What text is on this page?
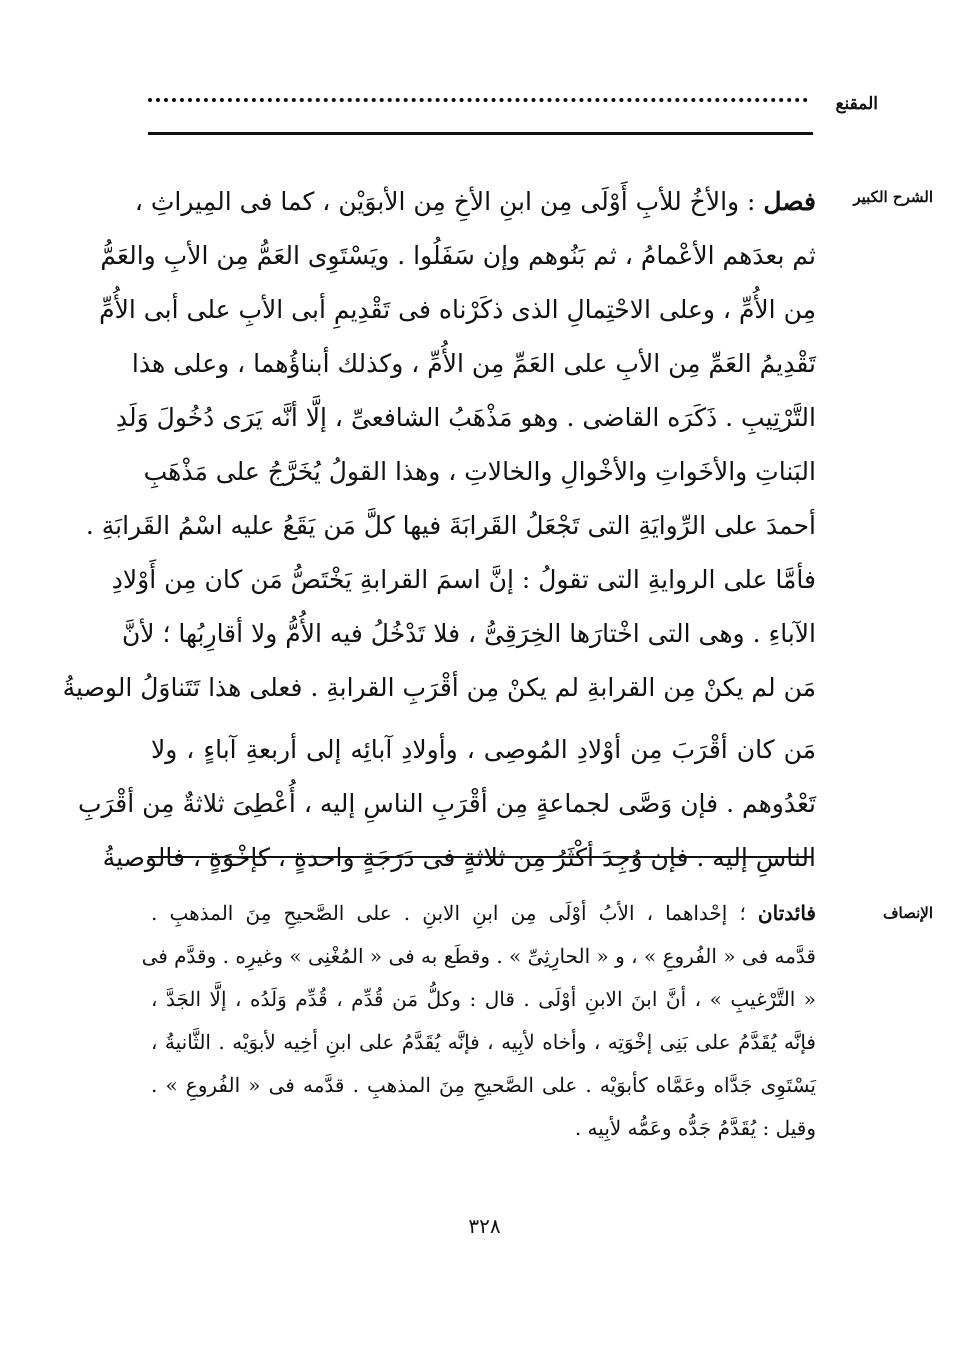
المقنع
الشرح الكبير
فصل : والأخُ للأبِ أَوْلَى مِن ابنِ الأخِ مِن الأبوَيْن ، كما فى المِيراثِ ،
ثم بعدَهم الأعْمامُ ، ثم بَنُوهم وإن سَفَلُوا . ويَسْتَوِى العَمُّ مِن الأبِ والعَمُّ
مِن الأُمِّ ، وعلى الاحْتِمالِ الذى ذكَرْناه فى تَقْدِيمِ أبى الأبِ على أبى الأُمِّ
تَقْدِيمُ العَمِّ مِن الأبِ على العَمِّ مِن الأُمِّ ، وكذلك أبناؤُهما ، وعلى هذا
التَّرْتِيبِ . ذَكَرَه القاضى . وهو مَذْهَبُ الشافعىِّ ، إلَّا أنَّه يَرَى دُخُولَ وَلَدِ
البَناتِ والأخَواتِ والأخْوالِ والخالاتِ ، وهذا القولُ يُخَرَّجُ على مَذْهَبِ
أحمدَ على الرِّوايَةِ التى تَجْعَلُ القَرابَةَ فيها كلَّ مَن يَقَعُ عليه اسْمُ القَرابَةِ .
فأمَّا على الروايةِ التى تقولُ : إنَّ اسمَ القرابةِ يَخْتَصُّ مَن كان مِن أَوْلادِ
الآباءِ . وهى التى اخْتارَها الخِرَقِىُّ ، فلا تَدْخُلُ فيه الأُمُّ ولا أقارِبُها ؛ لأنَّ
مَن لم يكنْ مِن القرابةِ لم يكنْ مِن أقْرَبِ القرابةِ . فعلى هذا تَتَناوَلُ الوصيةُ
مَن كان أقْرَبَ مِن أوْلادِ المُوصِى ، وأولادِ آبائِه إلى أربعةِ آباءٍ ، ولا
تَعْدُوهم . فإن وَصَّى لجماعةٍ مِن أقْرَبِ الناسِ إليه ، أُعْطِىَ ثلاثةٌ مِن أقْرَبِ
الناسِ إليه . فإن وُجِدَ أكْثَرُ مِن ثلاثةٍ فى دَرَجَةٍ واحدةٍ ، كإخْوَةٍ ، فالوصيةُ
الإنصاف
فائدتان ؛ إحْداهما ، الأبُ أوْلَى مِن ابنِ الابنِ . على الصَّحيحِ مِنَ المذهبِ .
قدَّمه فى « الفُروعِ » ، و « الحارِثِىِّ » . وقطَع به فى « المُغْنِى » وغيرِه . وقدَّم فى
« التَّرْغيبِ » ، أنَّ ابنَ الابنِ أوْلَى . قال : وكلُّ مَن قُدِّم ، قُدِّم وَلَدُه ، إلَّا الجَدَّ ،
فإنَّه يُقَدَّمُ على بَنِى إخْوَتِه ، وأخاه لأبِيه ، فإنَّه يُقَدَّمُ على ابنِ أخِيه لأبوَيْه . الثَّانيةُ ،
يَسْتَوِى جَدَّاه وعَمَّاه كأبوَيْه . على الصَّحيحِ مِنَ المذهبِ . قدَّمه فى « الفُروعِ » .
وقيل : يُقَدَّمُ جَدُّه وعَمُّه لأبِيه .
٣٢٨
